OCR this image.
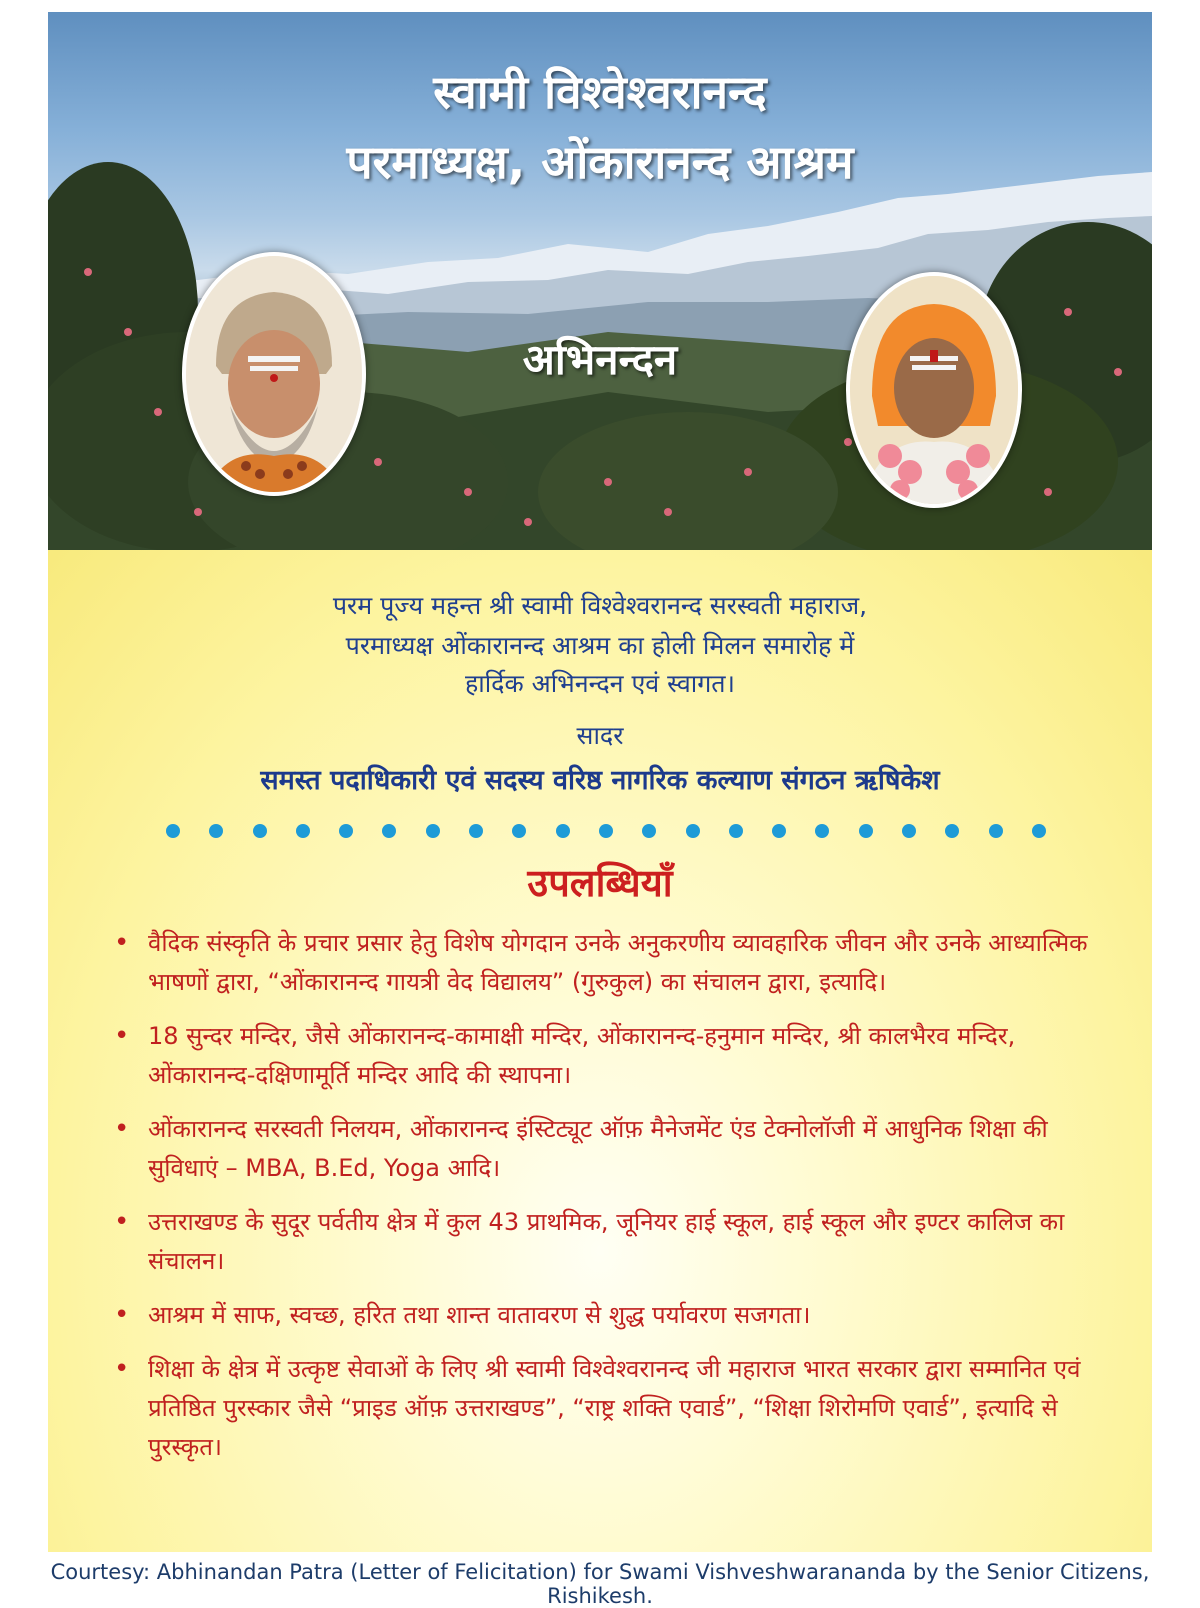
स्वामी विश्वेश्वरानन्द
परमाध्यक्ष, ओंकारानन्द आश्रम
अभिनन्दन
परम पूज्य महन्त श्री स्वामी विश्वेश्वरानन्द सरस्वती महाराज,
परमाध्यक्ष ओंकारानन्द आश्रम का होली मिलन समारोह में
हार्दिक अभिनन्दन एवं स्वागत।
सादर
समस्त पदाधिकारी एवं सदस्य वरिष्ठ नागरिक कल्याण संगठन ऋषिकेश
उपलब्धियाँ
• वैदिक संस्कृति के प्रचार प्रसार हेतु विशेष योगदान उनके अनुकरणीय व्यावहारिक जीवन और उनके आध्यात्मिक भाषणों द्वारा, “ओंकारानन्द गायत्री वेद विद्यालय” (गुरुकुल) का संचालन द्वारा, इत्यादि।
• 18 सुन्दर मन्दिर, जैसे ओंकारानन्द-कामाक्षी मन्दिर, ओंकारानन्द-हनुमान मन्दिर, श्री कालभैरव मन्दिर, ओंकारानन्द-दक्षिणामूर्ति मन्दिर आदि की स्थापना।
• ओंकारानन्द सरस्वती निलयम, ओंकारानन्द इंस्टिट्यूट ऑफ़ मैनेजमेंट एंड टेक्नोलॉजी में आधुनिक शिक्षा की सुविधाएं – MBA, B.Ed, Yoga आदि।
• उत्तराखण्ड के सुदूर पर्वतीय क्षेत्र में कुल 43 प्राथमिक, जूनियर हाई स्कूल, हाई स्कूल और इण्टर कालिज का संचालन।
• आश्रम में साफ, स्वच्छ, हरित तथा शान्त वातावरण से शुद्ध पर्यावरण सजगता।
• शिक्षा के क्षेत्र में उत्कृष्ट सेवाओं के लिए श्री स्वामी विश्वेश्वरानन्द जी महाराज भारत सरकार द्वारा सम्मानित एवं प्रतिष्ठित पुरस्कार जैसे “प्राइड ऑफ़ उत्तराखण्ड”, “राष्ट्र शक्ति एवार्ड”, “शिक्षा शिरोमणि एवार्ड”, इत्यादि से पुरस्कृत।
Courtesy: Abhinandan Patra (Letter of Felicitation) for Swami Vishveshwarananda by the Senior Citizens, Rishikesh.
